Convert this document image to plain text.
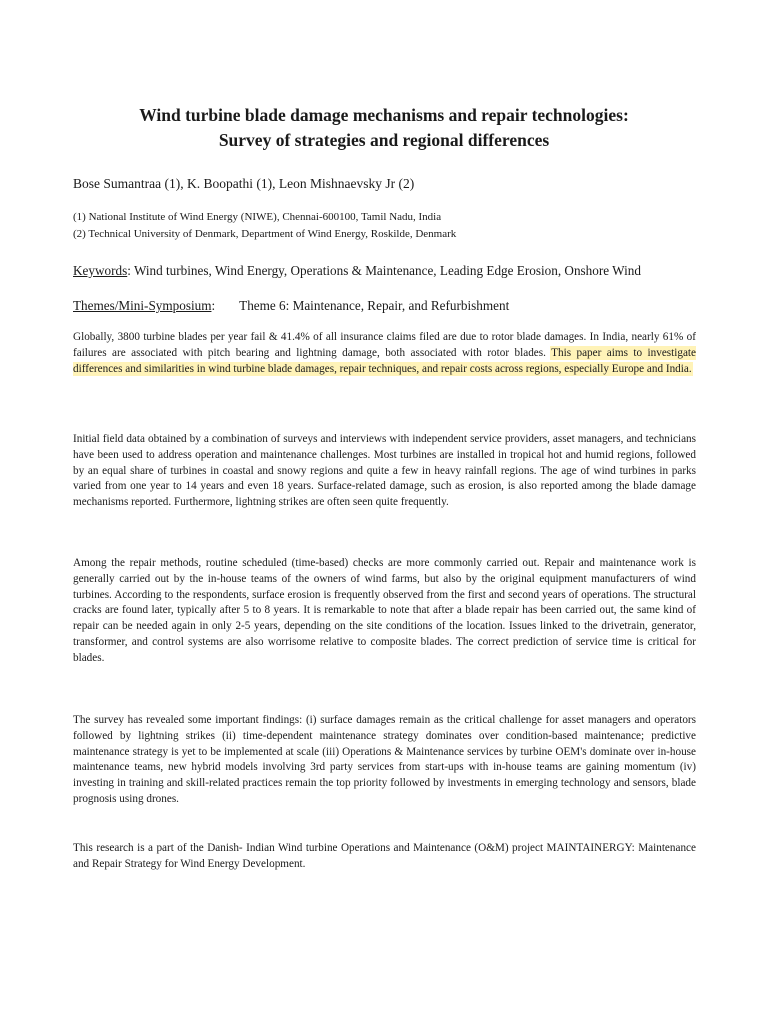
Wind turbine blade damage mechanisms and repair technologies:
Survey of strategies and regional differences

Bose Sumantraa (1), K. Boopathi (1), Leon Mishnaevsky Jr (2)

(1) National Institute of Wind Energy (NIWE), Chennai-600100, Tamil Nadu, India

(2) Technical University of Denmark, Department of Wind Energy, Roskilde, Denmark

Keywords: Wind turbines, Wind Energy, Operations & Maintenance, Leading Edge Erosion, Onshore Wind

Themes/Mini-Symposium: Theme 6: Maintenance, Repair, and Refurbishment

Globally, 3800 turbine blades per year fail & 41.4% of all insurance claims filed are due to rotor blade damages. In India, nearly 61% of failures are associated with pitch bearing and lightning damage, both associated with rotor blades. This paper aims to investigate differences and similarities in wind turbine blade damages, repair techniques, and repair costs across regions, especially Europe and India.

Initial field data obtained by a combination of surveys and interviews with independent service providers, asset managers, and technicians have been used to address operation and maintenance challenges. Most turbines are installed in tropical hot and humid regions, followed by an equal share of turbines in coastal and snowy regions and quite a few in heavy rainfall regions. The age of wind turbines in parks varied from one year to 14 years and even 18 years. Surface-related damage, such as erosion, is also reported among the blade damage mechanisms reported. Furthermore, lightning strikes are often seen quite frequently.

Among the repair methods, routine scheduled (time-based) checks are more commonly carried out. Repair and maintenance work is generally carried out by the in-house teams of the owners of wind farms, but also by the original equipment manufacturers of wind turbines. According to the respondents, surface erosion is frequently observed from the first and second years of operations. The structural cracks are found later, typically after 5 to 8 years. It is remarkable to note that after a blade repair has been carried out, the same kind of repair can be needed again in only 2-5 years, depending on the site conditions of the location. Issues linked to the drivetrain, generator, transformer, and control systems are also worrisome relative to composite blades. The correct prediction of service time is critical for blades.

The survey has revealed some important findings: (i) surface damages remain as the critical challenge for asset managers and operators followed by lightning strikes (ii) time-dependent maintenance strategy dominates over condition-based maintenance; predictive maintenance strategy is yet to be implemented at scale (iii) Operations & Maintenance services by turbine OEM's dominate over in-house maintenance teams, new hybrid models involving 3rd party services from start-ups with in-house teams are gaining momentum (iv) investing in training and skill-related practices remain the top priority followed by investments in emerging technology and sensors, blade prognosis using drones.

This research is a part of the Danish- Indian Wind turbine Operations and Maintenance (O&M) project MAINTAINERGY: Maintenance and Repair Strategy for Wind Energy Development.
